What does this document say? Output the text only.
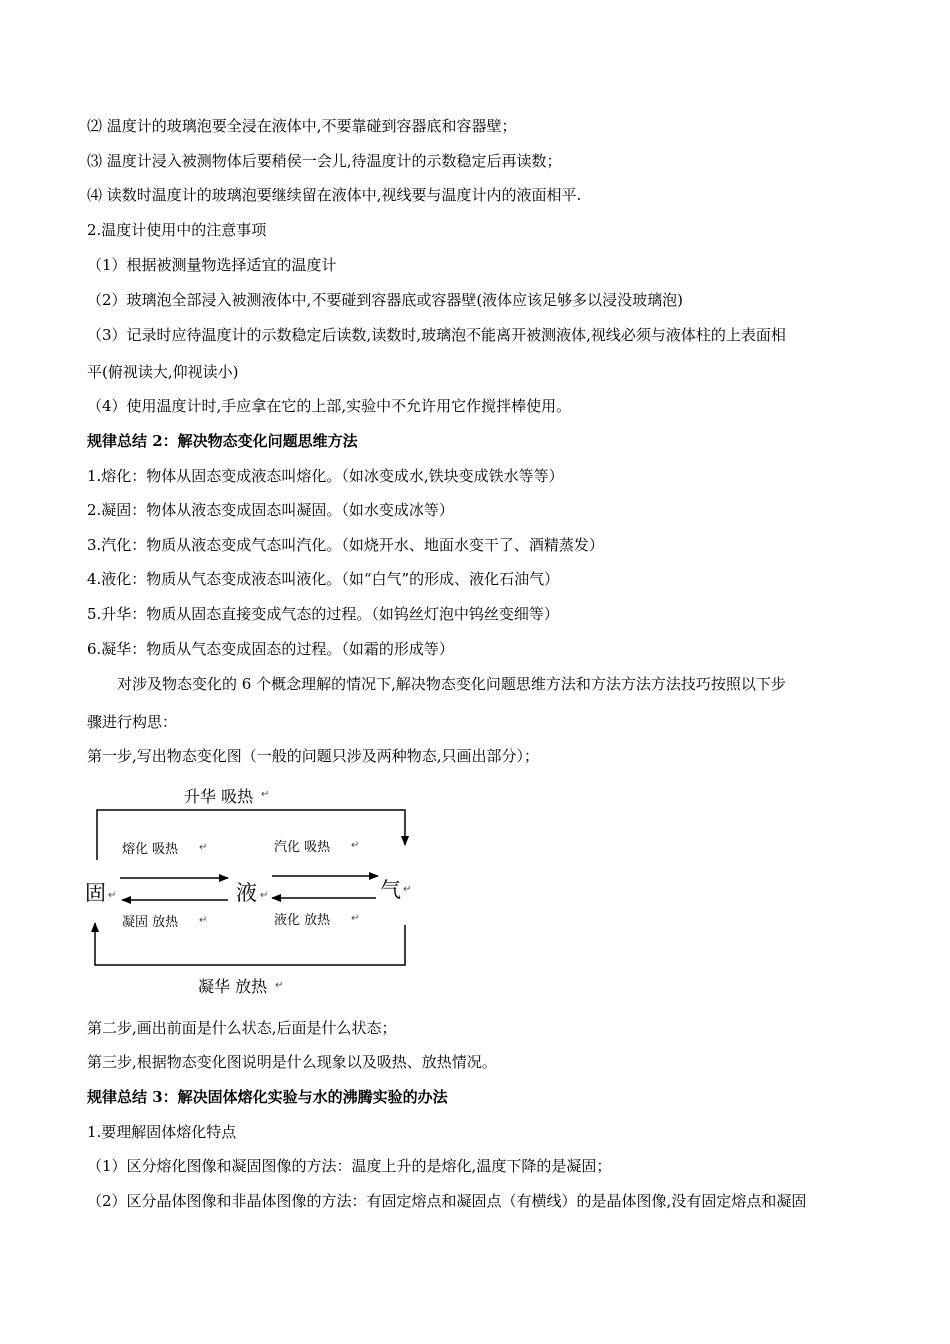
⑵ 温度计的玻璃泡要全浸在液体中,不要靠碰到容器底和容器壁；
⑶ 温度计浸入被测物体后要稍侯一会儿,待温度计的示数稳定后再读数；
⑷ 读数时温度计的玻璃泡要继续留在液体中,视线要与温度计内的液面相平.
2.温度计使用中的注意事项
（1）根据被测量物选择适宜的温度计
（2）玻璃泡全部浸入被测液体中,不要碰到容器底或容器壁(液体应该足够多以浸没玻璃泡)
（3）记录时应待温度计的示数稳定后读数,读数时,玻璃泡不能离开被测液体,视线必须与液体柱的上表面相
平(俯视读大,仰视读小)
（4）使用温度计时,手应拿在它的上部,实验中不允许用它作搅拌棒使用。
规律总结 2：解决物态变化问题思维方法
1.熔化：物体从固态变成液态叫熔化。（如冰变成水,铁块变成铁水等等）
2.凝固：物体从液态变成固态叫凝固。（如水变成冰等）
3.汽化：物质从液态变成气态叫汽化。（如烧开水、地面水变干了、酒精蒸发）
4.液化：物质从气态变成液态叫液化。（如“白气”的形成、液化石油气）
5.升华：物质从固态直接变成气态的过程。（如钨丝灯泡中钨丝变细等）
6.凝华：物质从气态变成固态的过程。（如霜的形成等）
对涉及物态变化的 6 个概念理解的情况下,解决物态变化问题思维方法和方法方法方法技巧按照以下步
骤进行构思：
第一步,写出物态变化图（一般的问题只涉及两种物态,只画出部分）；
升华 吸热 ↵
熔化 吸热 ↵	汽化 吸热 ↵
固 ↵	液 ↵	气 ↵
凝固 放热 ↵	液化 放热 ↵
凝华 放热 ↵
第二步,画出前面是什么状态,后面是什么状态；
第三步,根据物态变化图说明是什么现象以及吸热、放热情况。
规律总结 3：解决固体熔化实验与水的沸腾实验的办法
1.要理解固体熔化特点
（1）区分熔化图像和凝固图像的方法：温度上升的是熔化,温度下降的是凝固；
（2）区分晶体图像和非晶体图像的方法：有固定熔点和凝固点（有横线）的是晶体图像,没有固定熔点和凝固
